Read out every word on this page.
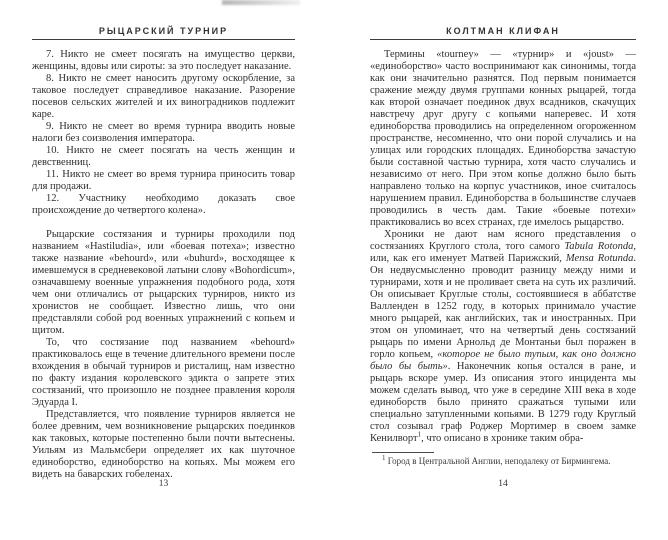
РЫЦАРСКИЙ ТУРНИР

7. Никто не смеет посягать на имущество церкви, женщины, вдовы или сироты: за это последует наказание.

8. Никто не смеет наносить другому оскорбление, за таковое последует справедливое наказание. Разорение посевов сельских жителей и их виноградников подлежит каре.

9. Никто не смеет во время турнира вводить новые налоги без соизволения императора.

10. Никто не смеет посягать на честь женщин и девственниц.

11. Никто не смеет во время турнира приносить товар для продажи.

12. Участнику необходимо доказать свое происхождение до четвертого колена».

Рыцарские состязания и турниры проходили под названием «Hastiludia», или «боевая потеха»; известно также название «behourd», или «buhurd», восходящее к имевшемуся в средневековой латыни слову «Bohordicum», означавшему военные упражнения подобного рода, хотя чем они отличались от рыцарских турниров, никто из хронистов не сообщает. Известно лишь, что они представляли собой род военных упражнений с копьем и щитом.

То, что состязание под названием «behourd» практиковалось еще в течение длительного времени после вхождения в обычай турниров и ристалищ, нам известно по факту издания королевского эдикта о запрете этих состязаний, что произошло не позднее правления короля Эдуарда I.

Представляется, что появление турниров является не более древним, чем возникновение рыцарских поединков как таковых, которые постепенно были почти вытеснены. Уильям из Мальмсбери определяет их как шуточное единоборство, единоборство на копьях. Мы можем его видеть на баварских гобеленах.

13
КОЛТМАН КЛИФАН

Термины «tourney» — «турнир» и «joust» — «единоборство» часто воспринимают как синонимы, тогда как они значительно разнятся. Под первым понимается сражение между двумя группами конных рыцарей, тогда как второй означает поединок двух всадников, скачущих навстречу друг другу с копьями наперевес. И хотя единоборства проводились на определенном огороженном пространстве, несомненно, что они порой случались и на улицах или городских площадях. Единоборства зачастую были составной частью турнира, хотя часто случались и независимо от него. При этом копье должно было быть направлено только на корпус участников, иное считалось нарушением правил. Единоборства в большинстве случаев проводились в честь дам. Такие «боевые потехи» практиковались во всех странах, где имелось рыцарство.

Хроники не дают нам ясного представления о состязаниях Круглого стола, того самого Tabula Rotonda, или, как его именует Матвей Парижский, Mensa Rotunda. Он недвусмысленно проводит разницу между ними и турнирами, хотя и не проливает света на суть их различий. Он описывает Круглые столы, состоявшиеся в аббатстве Валленден в 1252 году, в которых принимало участие много рыцарей, как английских, так и иностранных. При этом он упоминает, что на четвертый день состязаний рыцарь по имени Арнольд де Монтаньи был поражен в горло копьем, «которое не было тупым, как оно должно было бы быть». Наконечник копья остался в ране, и рыцарь вскоре умер. Из описания этого инцидента мы можем сделать вывод, что уже в середине XIII века в ходе единоборств было принято сражаться тупыми или специально затупленными копьями. В 1279 году Круглый стол созывал граф Роджер Мортимер в своем замке Кенилворт$^1$, что описано в хронике таким обра-

$^1$ Город в Центральной Англии, неподалеку от Бирмингема.

14
